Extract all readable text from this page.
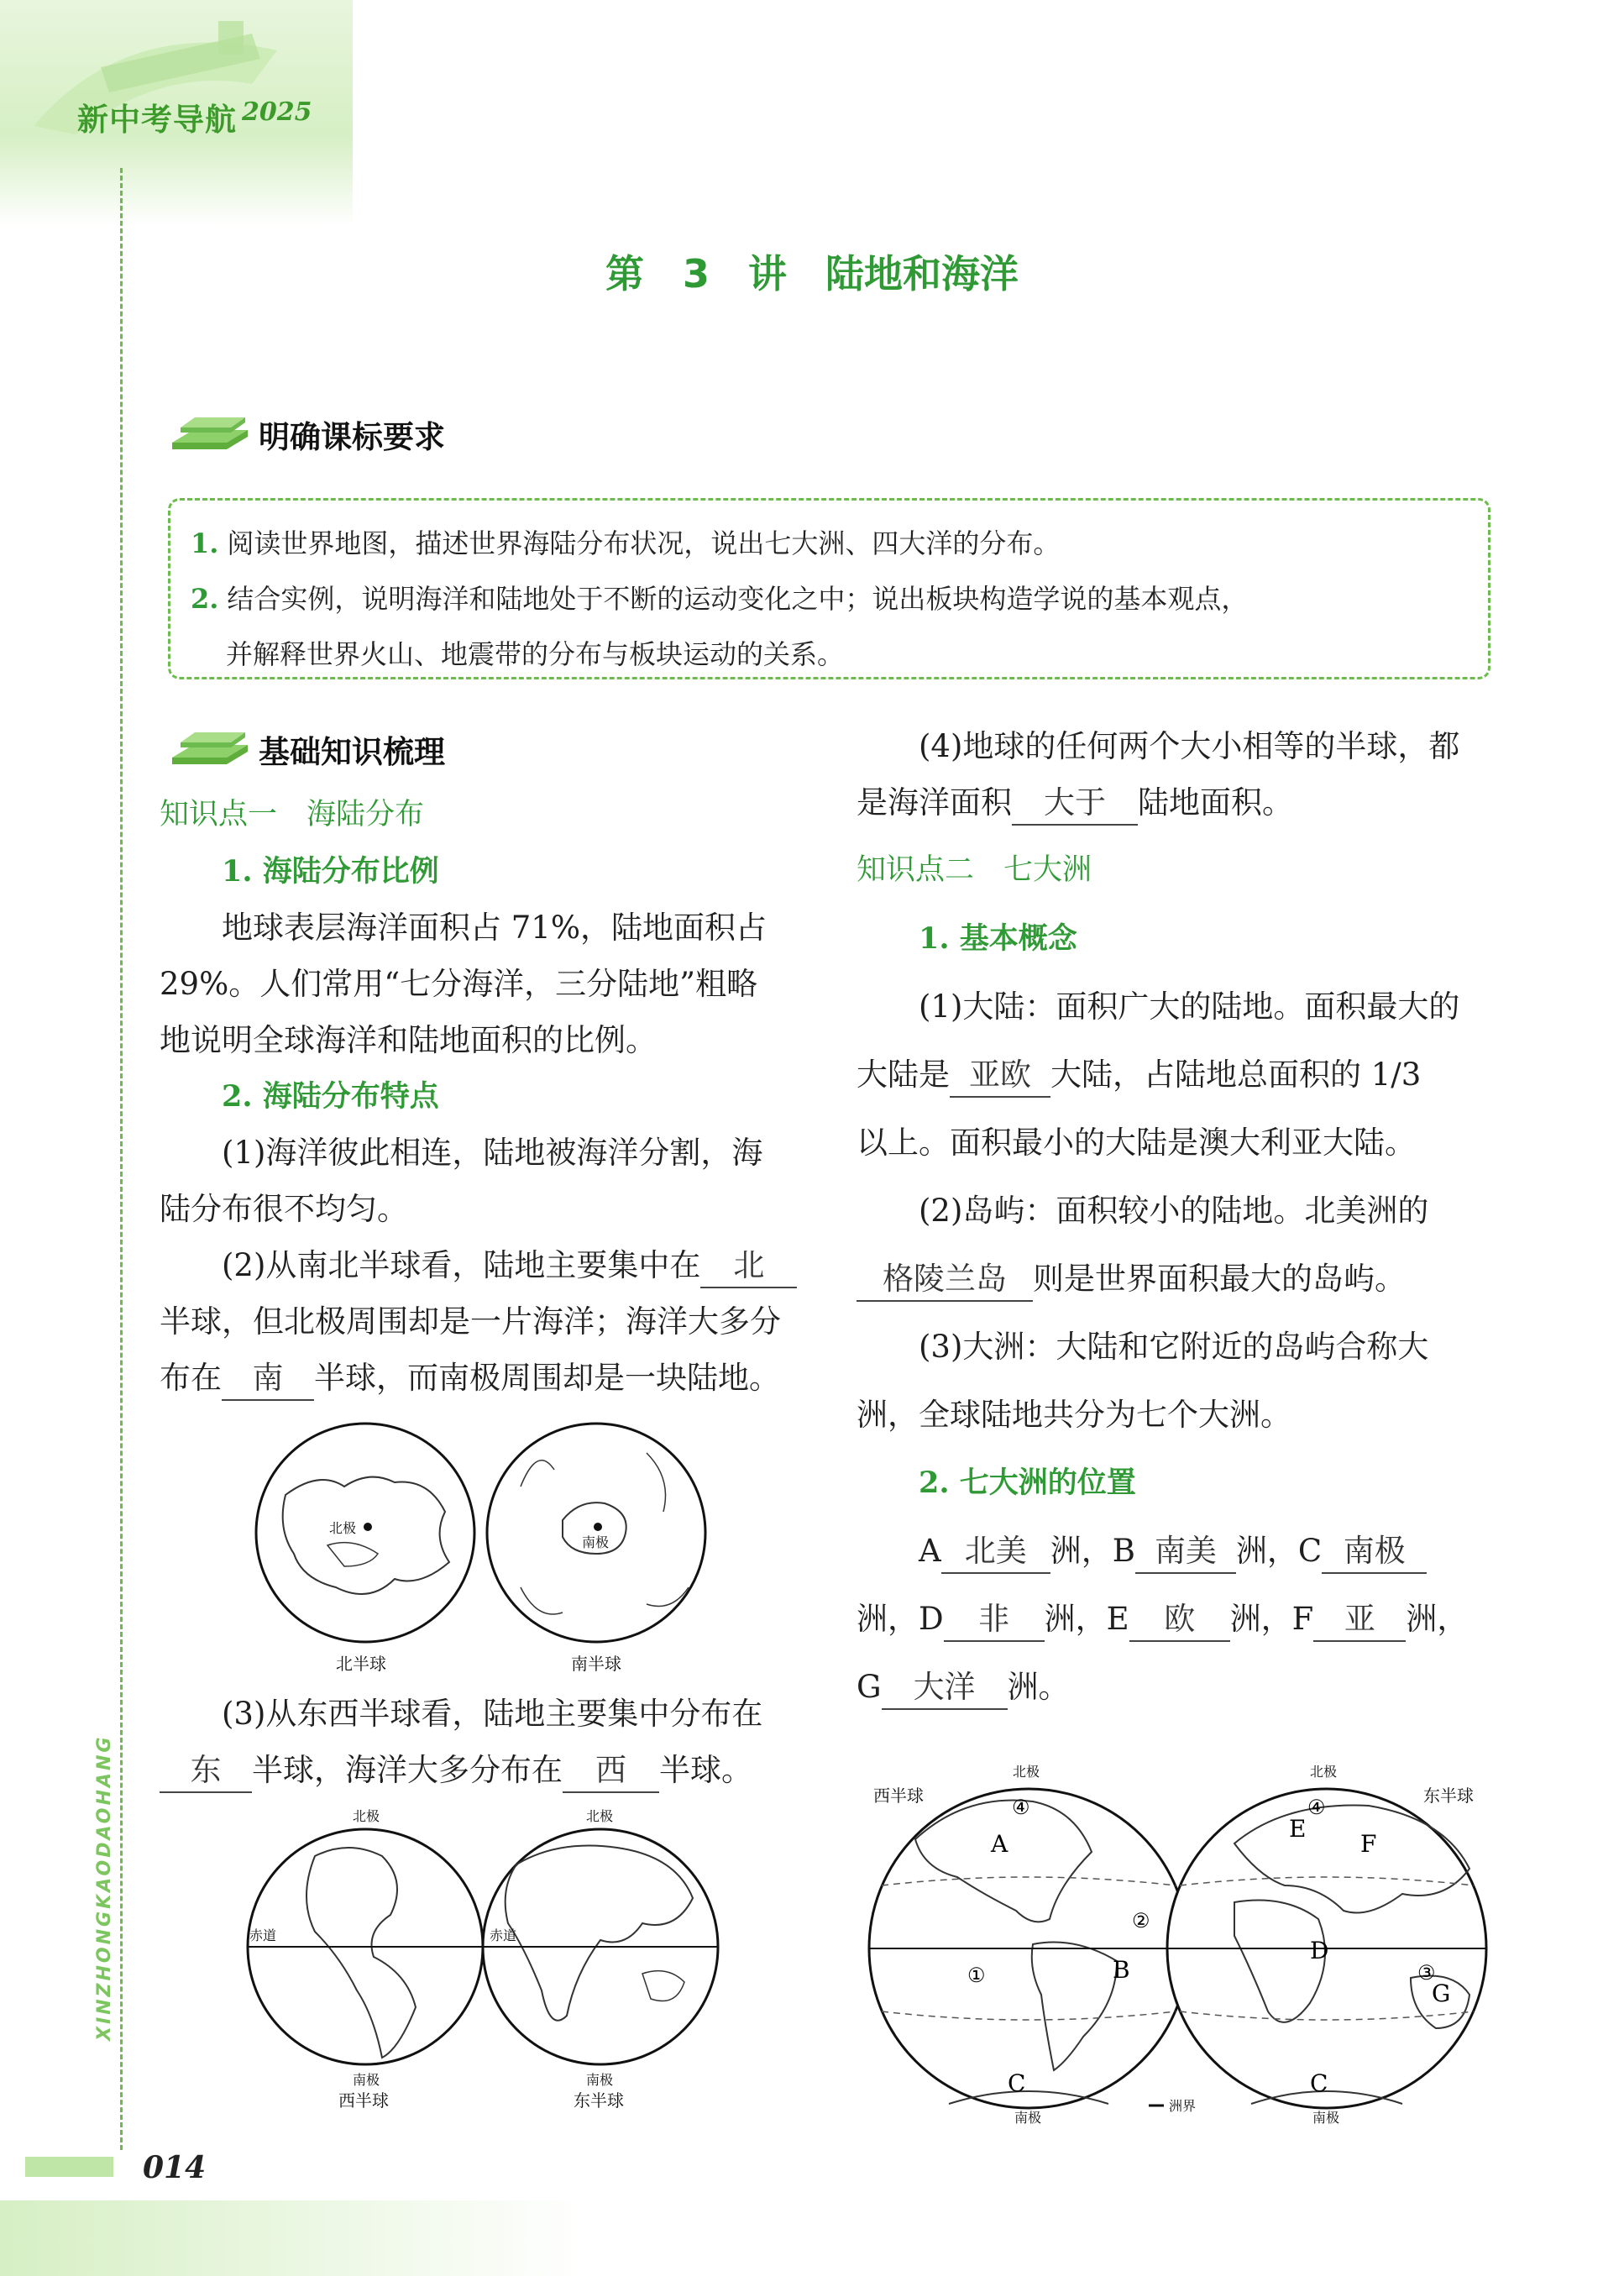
新中考导航 2025
XINZHONGKAODAOHANG
014
第 3 讲　陆地和海洋
明确课标要求
1. 阅读世界地图，描述世界海陆分布状况，说出七大洲、四大洋的分布。
2. 结合实例，说明海洋和陆地处于不断的运动变化之中；说出板块构造学说的基本观点，
并解释世界火山、地震带的分布与板块运动的关系。
基础知识梳理
知识点一　海陆分布
1. 海陆分布比例
地球表层海洋面积占 71%，陆地面积占
29%。人们常用“七分海洋，三分陆地”粗略
地说明全球海洋和陆地面积的比例。
2. 海陆分布特点
(1)海洋彼此相连，陆地被海洋分割，海
陆分布很不均匀。
(2)从南北半球看，陆地主要集中在 北
半球，但北极周围却是一片海洋；海洋大多分
布在 南 半球，而南极周围却是一块陆地。
北极
南极
北半球	南半球
(3)从东西半球看，陆地主要集中分布在
东 半球，海洋大多分布在 西 半球。
北极	北极
赤道	赤道
南极	南极
西半球	东半球
(4)地球的任何两个大小相等的半球，都
是海洋面积 大于 陆地面积。
知识点二　七大洲
1. 基本概念
(1)大陆：面积广大的陆地。面积最大的
大陆是 亚欧 大陆，占陆地总面积的 1/3
以上。面积最小的大陆是澳大利亚大陆。
(2)岛屿：面积较小的陆地。北美洲的
格陵兰岛 则是世界面积最大的岛屿。
(3)大洲：大陆和它附近的岛屿合称大
洲，全球陆地共分为七个大洲。
2. 七大洲的位置
A 北美 洲，B 南美 洲，C 南极
洲，D 非 洲，E 欧 洲，F 亚 洲，
G 大洋 洲。
西半球	东半球
北极	北极
A
B
C
D
E
F
G
C
①
②
③
④	④
洲界
南极	南极
